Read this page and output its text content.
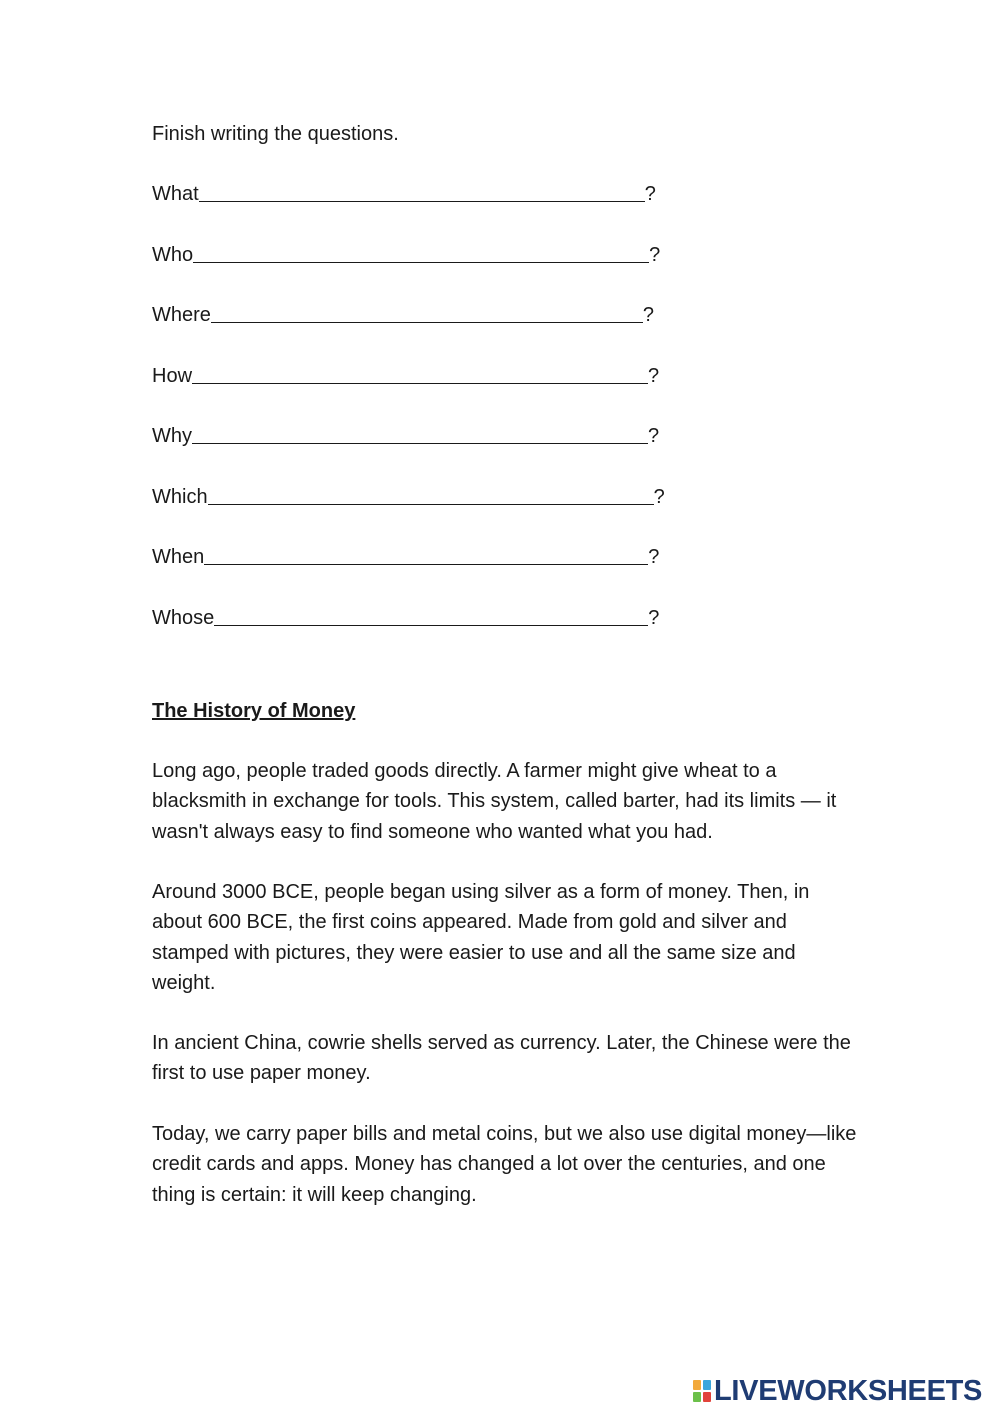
Finish writing the questions.

What	?
Who	?
Where	?
How	?
Why	?
Which	?
When	?
Whose	?
The History of Money

Long ago, people traded goods directly. A farmer might give wheat to a blacksmith in exchange for tools. This system, called barter, had its limits — it wasn't always easy to find someone who wanted what you had.

Around 3000 BCE, people began using silver as a form of money. Then, in about 600 BCE, the first coins appeared. Made from gold and silver and stamped with pictures, they were easier to use and all the same size and weight.

In ancient China, cowrie shells served as currency. Later, the Chinese were the first to use paper money.

Today, we carry paper bills and metal coins, but we also use digital money—like credit cards and apps. Money has changed a lot over the centuries, and one thing is certain: it will keep changing.

LIVEWORKSHEETS
